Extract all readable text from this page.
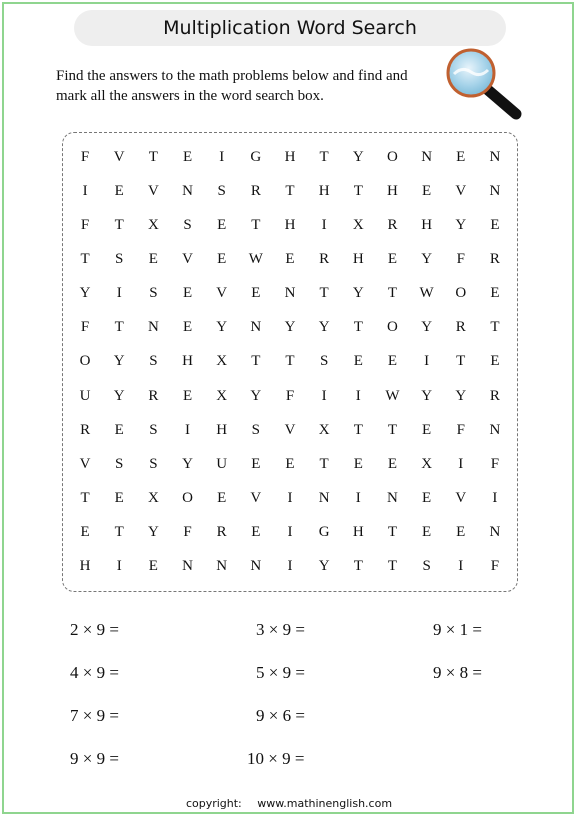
Multiplication Word Search
Find the answers to the math problems below and find and mark all the answers in the word search box.
F	V	T	E	I	G	H	T	Y	O	N	E	N
I	E	V	N	S	R	T	H	T	H	E	V	N
F	T	X	S	E	T	H	I	X	R	H	Y	E
T	S	E	V	E	W	E	R	H	E	Y	F	R
Y	I	S	E	V	E	N	T	Y	T	W	O	E
F	T	N	E	Y	N	Y	Y	T	O	Y	R	T
O	Y	S	H	X	T	T	S	E	E	I	T	E
U	Y	R	E	X	Y	F	I	I	W	Y	Y	R
R	E	S	I	H	S	V	X	T	T	E	F	N
V	S	S	Y	U	E	E	T	E	E	X	I	F
T	E	X	O	E	V	I	N	I	N	E	V	I
E	T	Y	F	R	E	I	G	H	T	E	E	N
H	I	E	N	N	N	I	Y	T	T	S	I	F
2 × 9 =	3 × 9 =	9 × 1 =
4 × 9 =	5 × 9 =	9 × 8 =
7 × 9 =	9 × 6 =
9 × 9 =	10 × 9 =
copyright: www.mathinenglish.com
